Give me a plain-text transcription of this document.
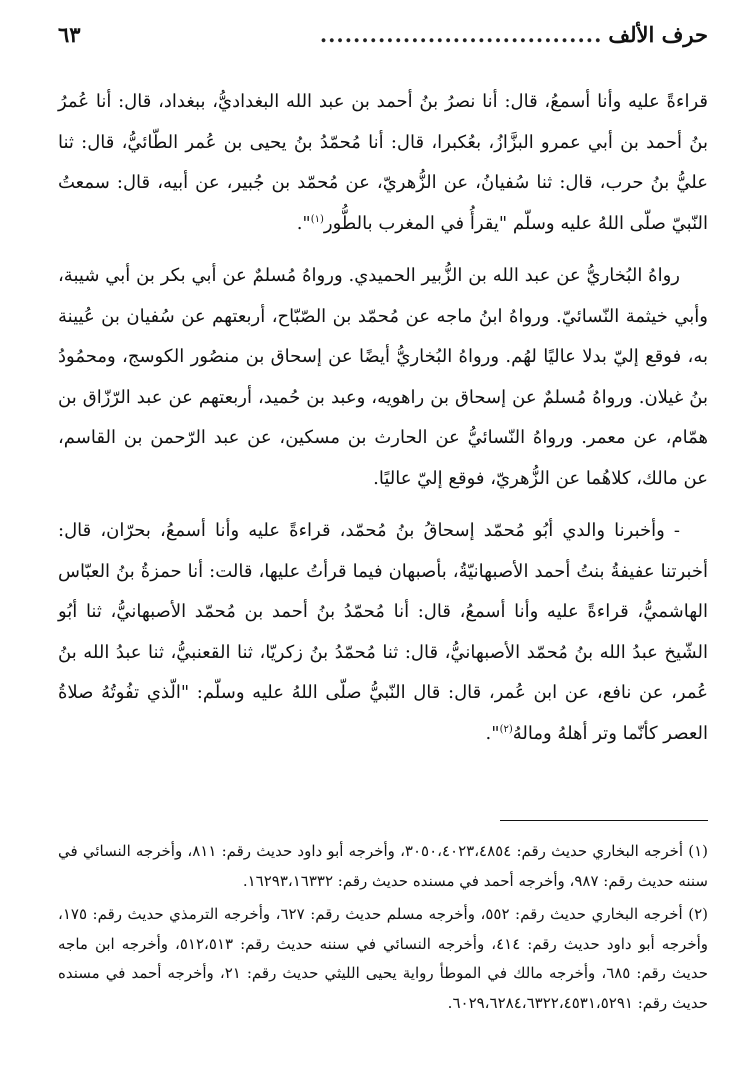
حرف الألف
..................................
٦٣

قراءةً عليه وأنا أسمعُ، قال: أنا نصرُ بنُ أحمد بن عبد الله البغداديُّ، ببغداد، قال: أنا عُمرُ بنُ أحمد بن أبي عمرو البزَّازُ، بعُكبرا، قال: أنا مُحمّدُ بنُ يحيى بن عُمر الطّائيُّ، قال: ثنا عليُّ بنُ حرب، قال: ثنا سُفيانُ، عن الزُّهريّ، عن مُحمّد بن جُبير، عن أبيه، قال: سمعتُ النّبيّ صلّى اللهُ عليه وسلّم "يقرأُ في المغرب بالطُّور$^{(١)}$".

رواهُ البُخاريُّ عن عبد الله بن الزُّبير الحميدي. ورواهُ مُسلمٌ عن أبي بكر بن أبي شيبة، وأبي خيثمة النّسائيّ. ورواهُ ابنُ ماجه عن مُحمّد بن الصّبّاح، أربعتهم عن سُفيان بن عُيينة به، فوقع إليّ بدلا عاليًا لهُم. ورواهُ البُخاريُّ أيضًا عن إسحاق بن منصُور الكوسج، ومحمُودُ بنُ غيلان. ورواهُ مُسلمٌ عن إسحاق بن راهويه، وعبد بن حُميد، أربعتهم عن عبد الرّزّاق بن همّام، عن معمر. ورواهُ النّسائيُّ عن الحارث بن مسكين، عن عبد الرّحمن بن القاسم، عن مالك، كلاهُما عن الزُّهريّ، فوقع إليّ عاليًا.

- وأخبرنا والدي أبُو مُحمّد إسحاقُ بنُ مُحمّد، قراءةً عليه وأنا أسمعُ، بحرّان، قال: أخبرتنا عفيفةُ بنتُ أحمد الأصبهانيّةُ، بأصبهان فيما قرأتُ عليها، قالت: أنا حمزةُ بنُ العبّاس الهاشميُّ، قراءةً عليه وأنا أسمعُ، قال: أنا مُحمّدُ بنُ أحمد بن مُحمّد الأصبهانيُّ، ثنا أبُو الشّيخ عبدُ الله بنُ مُحمّد الأصبهانيُّ، قال: ثنا مُحمّدُ بنُ زكريّا، ثنا القعنبيُّ، ثنا عبدُ الله بنُ عُمر، عن نافع، عن ابن عُمر، قال: قال النّبيُّ صلّى اللهُ عليه وسلّم: "الّذي تفُوتُهُ صلاةُ العصر كأنّما وتر أهلهُ ومالهُ$^{(٢)}$".

(١) أخرجه البخاري حديث رقم: ٣٠٥٠،٤٠٢٣،٤٨٥٤، وأخرجه أبو داود حديث رقم: ٨١١، وأخرجه النسائي في سننه حديث رقم: ٩٨٧، وأخرجه أحمد في مسنده حديث رقم: ١٦٢٩٣،١٦٣٣٢.

(٢) أخرجه البخاري حديث رقم: ٥٥٢، وأخرجه مسلم حديث رقم: ٦٢٧، وأخرجه الترمذي حديث رقم: ١٧٥، وأخرجه أبو داود حديث رقم: ٤١٤، وأخرجه النسائي في سننه حديث رقم: ٥١٢،٥١٣، وأخرجه ابن ماجه حديث رقم: ٦٨٥، وأخرجه مالك في الموطأ رواية يحيى الليثي حديث رقم: ٢١، وأخرجه أحمد في مسنده حديث رقم: ٦٠٢٩،٦٢٨٤،٦٣٢٢،٤٥٣١،٥٢٩١.
